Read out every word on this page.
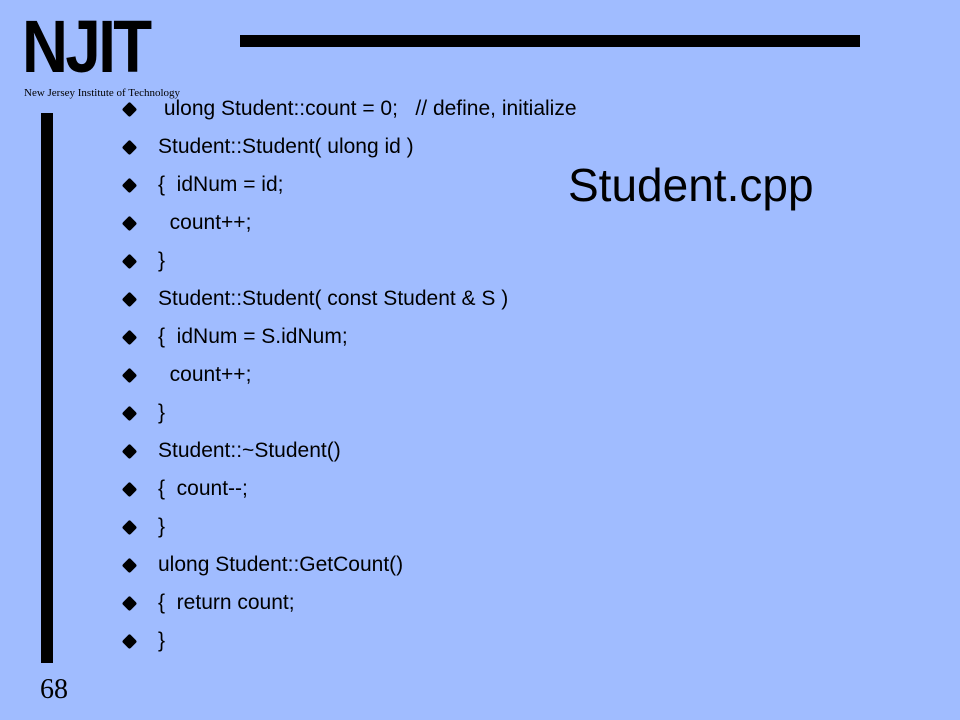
NJIT
New Jersey Institute of Technology
Student.cpp
ulong Student::count = 0;   // define, initialize
Student::Student( ulong id )
{  idNum = id;
count++;
}
Student::Student( const Student & S )
{  idNum = S.idNum;
count++;
}
Student::~Student()
{  count--;
}
ulong Student::GetCount()
{  return count;
}
68
